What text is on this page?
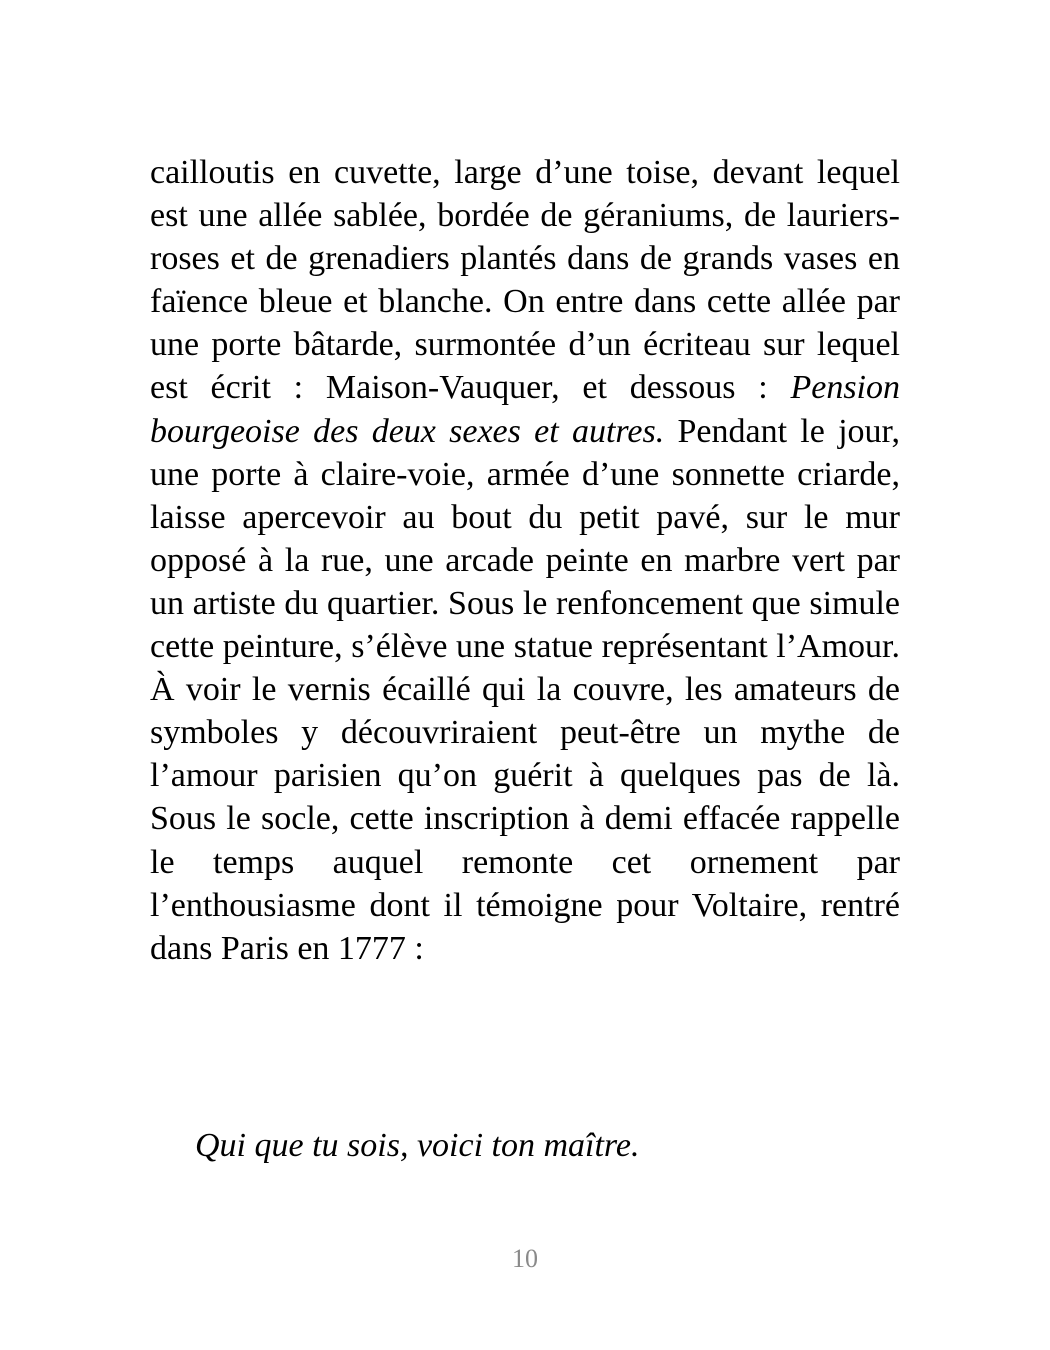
cailloutis en cuvette, large d’une toise, devant lequel est une allée sablée, bordée de géraniums, de lauriers-roses et de grenadiers plantés dans de grands vases en faïence bleue et blanche. On entre dans cette allée par une porte bâtarde, surmontée d’un écriteau sur lequel est écrit : Maison-Vauquer, et dessous : Pension bourgeoise des deux sexes et autres. Pendant le jour, une porte à claire-voie, armée d’une sonnette criarde, laisse apercevoir au bout du petit pavé, sur le mur opposé à la rue, une arcade peinte en marbre vert par un artiste du quartier. Sous le renfoncement que simule cette peinture, s’élève une statue représentant l’Amour. À voir le vernis écaillé qui la couvre, les amateurs de symboles y découvriraient peut-être un mythe de l’amour parisien qu’on guérit à quelques pas de là. Sous le socle, cette inscription à demi effacée rappelle le temps auquel remonte cet ornement par l’enthousiasme dont il témoigne pour Voltaire, rentré dans Paris en 1777 :

Qui que tu sois, voici ton maître.

10
